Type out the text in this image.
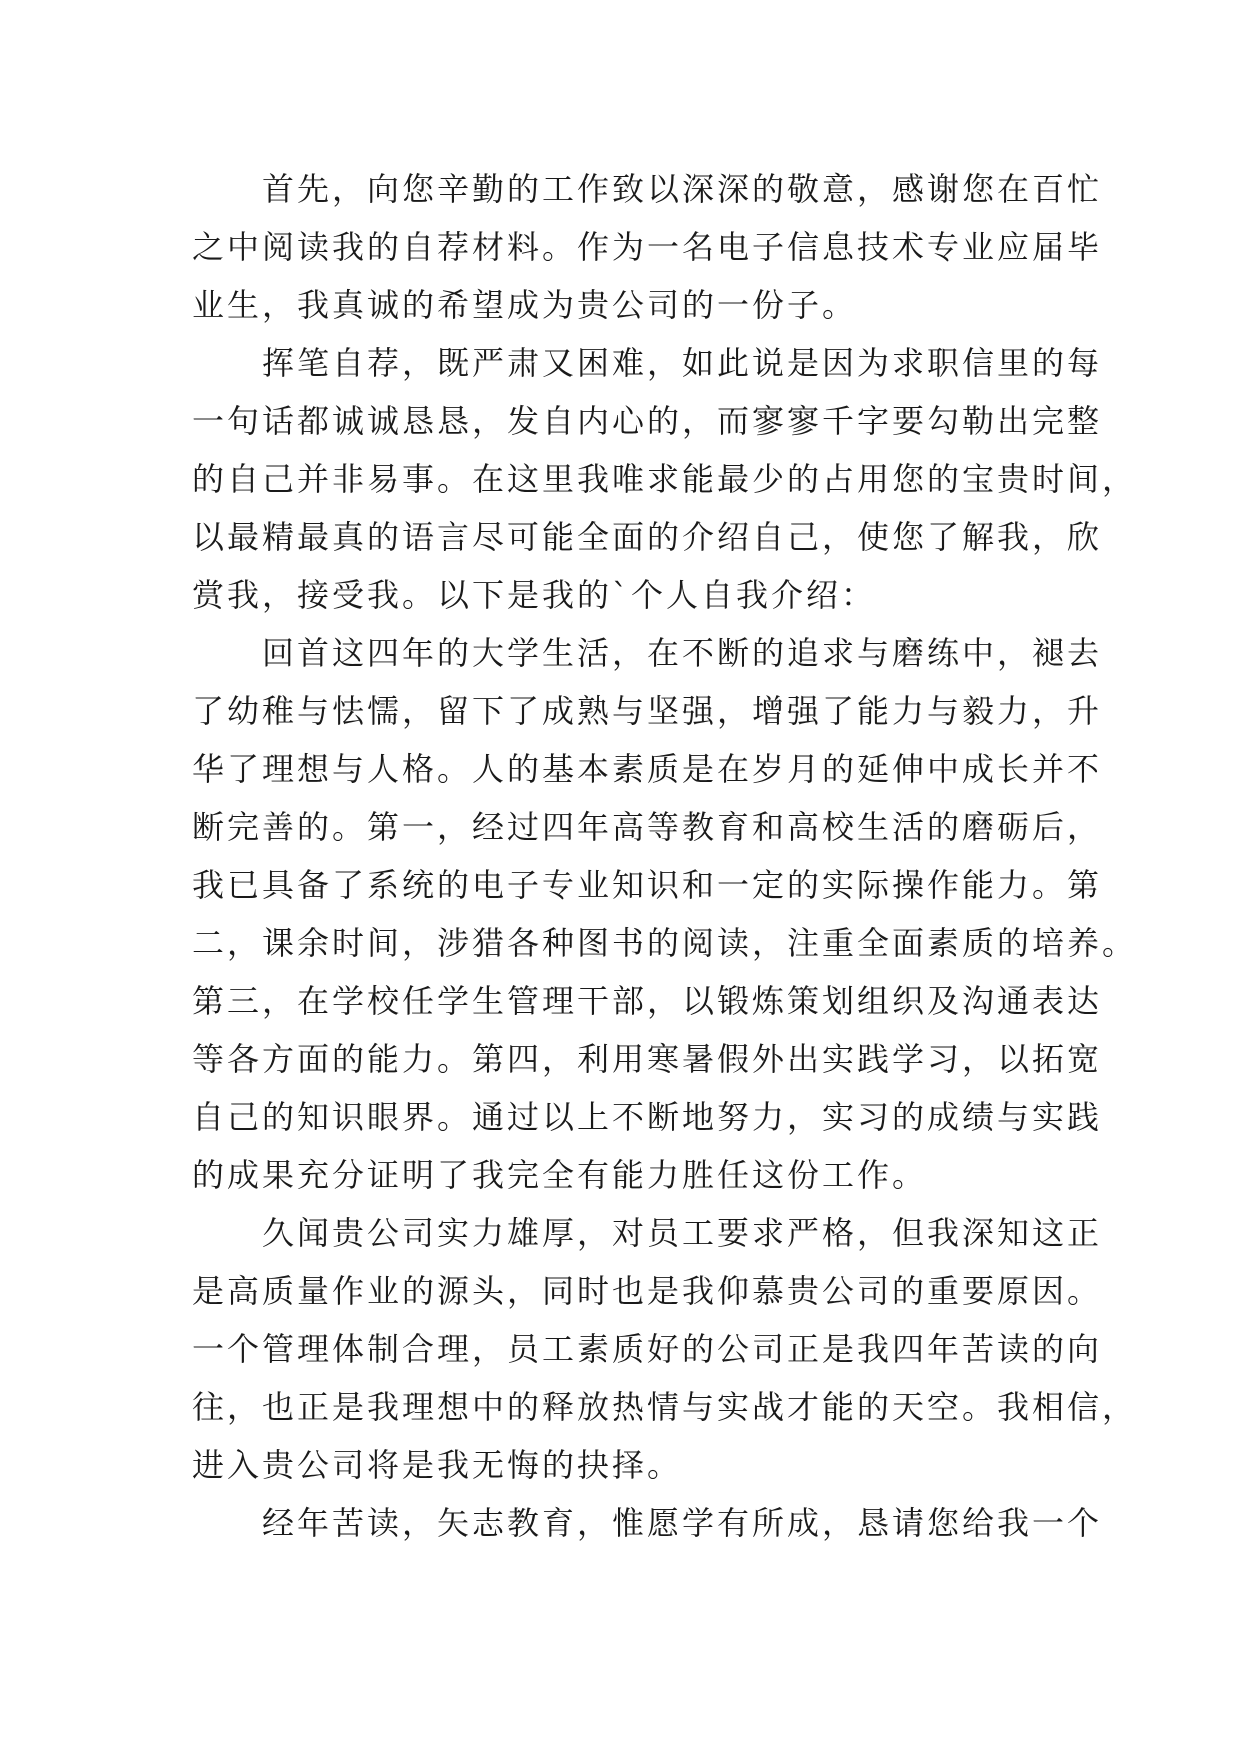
　　首先，向您辛勤的工作致以深深的敬意，感谢您在百忙
之中阅读我的自荐材料。作为一名电子信息技术专业应届毕
业生，我真诚的希望成为贵公司的一份子。
　　挥笔自荐，既严肃又困难，如此说是因为求职信里的每
一句话都诚诚恳恳，发自内心的，而寥寥千字要勾勒出完整
的自己并非易事。在这里我唯求能最少的占用您的宝贵时间，
以最精最真的语言尽可能全面的介绍自己，使您了解我，欣
赏我，接受我。以下是我的`个人自我介绍：
　　回首这四年的大学生活，在不断的追求与磨练中，褪去
了幼稚与怯懦，留下了成熟与坚强，增强了能力与毅力，升
华了理想与人格。人的基本素质是在岁月的延伸中成长并不
断完善的。第一，经过四年高等教育和高校生活的磨砺后，
我已具备了系统的电子专业知识和一定的实际操作能力。第
二，课余时间，涉猎各种图书的阅读，注重全面素质的培养。
第三，在学校任学生管理干部，以锻炼策划组织及沟通表达
等各方面的能力。第四，利用寒暑假外出实践学习，以拓宽
自己的知识眼界。通过以上不断地努力，实习的成绩与实践
的成果充分证明了我完全有能力胜任这份工作。
　　久闻贵公司实力雄厚，对员工要求严格，但我深知这正
是高质量作业的源头，同时也是我仰慕贵公司的重要原因。
一个管理体制合理，员工素质好的公司正是我四年苦读的向
往，也正是我理想中的释放热情与实战才能的天空。我相信，
进入贵公司将是我无悔的抉择。
　　经年苦读，矢志教育，惟愿学有所成，恳请您给我一个
